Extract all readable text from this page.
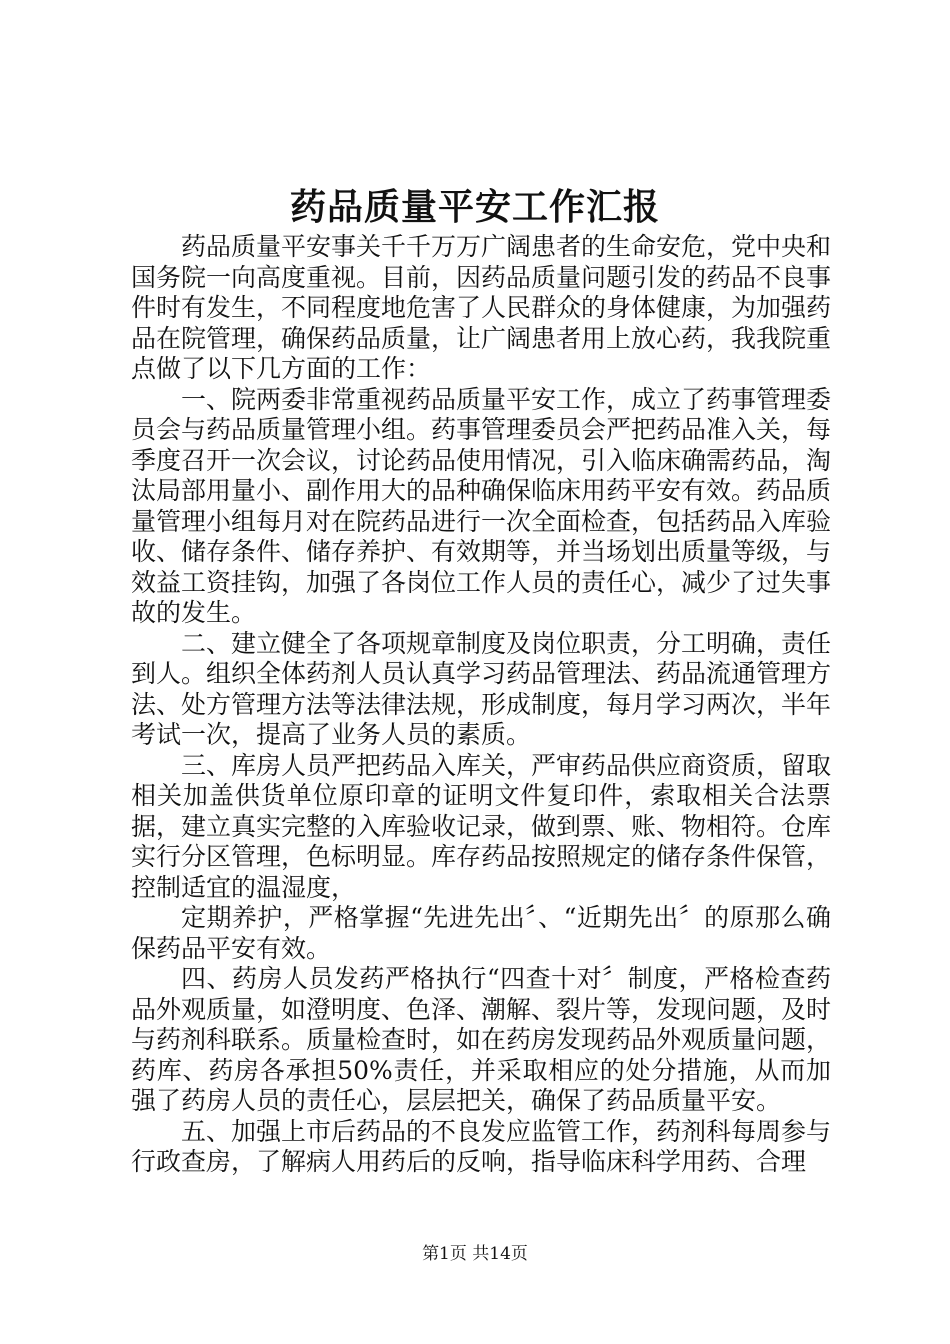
药品质量平安工作汇报

药品质量平安事关千千万万广阔患者的生命安危，党中央和国务院一向高度重视。目前，因药品质量问题引发的药品不良事件时有发生，不同程度地危害了人民群众的身体健康，为加强药品在院管理，确保药品质量，让广阔患者用上放心药，我我院重点做了以下几方面的工作：

一、院两委非常重视药品质量平安工作，成立了药事管理委员会与药品质量管理小组。药事管理委员会严把药品准入关，每季度召开一次会议，讨论药品使用情况，引入临床确需药品，淘汰局部用量小、副作用大的品种确保临床用药平安有效。药品质量管理小组每月对在院药品进行一次全面检查，包括药品入库验收、储存条件、储存养护、有效期等，并当场划出质量等级，与效益工资挂钩，加强了各岗位工作人员的责任心，减少了过失事故的发生。

二、建立健全了各项规章制度及岗位职责，分工明确，责任到人。组织全体药剂人员认真学习药品管理法、药品流通管理方法、处方管理方法等法律法规，形成制度，每月学习两次，半年考试一次，提高了业务人员的素质。

三、库房人员严把药品入库关，严审药品供应商资质，留取相关加盖供货单位原印章的证明文件复印件，索取相关合法票据，建立真实完整的入库验收记录，做到票、账、物相符。仓库实行分区管理，色标明显。库存药品按照规定的储存条件保管，控制适宜的温湿度，

定期养护，严格掌握“先进先出〞、“近期先出〞的原那么确保药品平安有效。

四、药房人员发药严格执行“四查十对〞制度，严格检查药品外观质量，如澄明度、色泽、潮解、裂片等，发现问题，及时与药剂科联系。质量检查时，如在药房发现药品外观质量问题，药库、药房各承担50%责任，并采取相应的处分措施，从而加强了药房人员的责任心，层层把关，确保了药品质量平安。

五、加强上市后药品的不良发应监管工作，药剂科每周参与行政查房，了解病人用药后的反响，指导临床科学用药、合理

第1页 共14页
